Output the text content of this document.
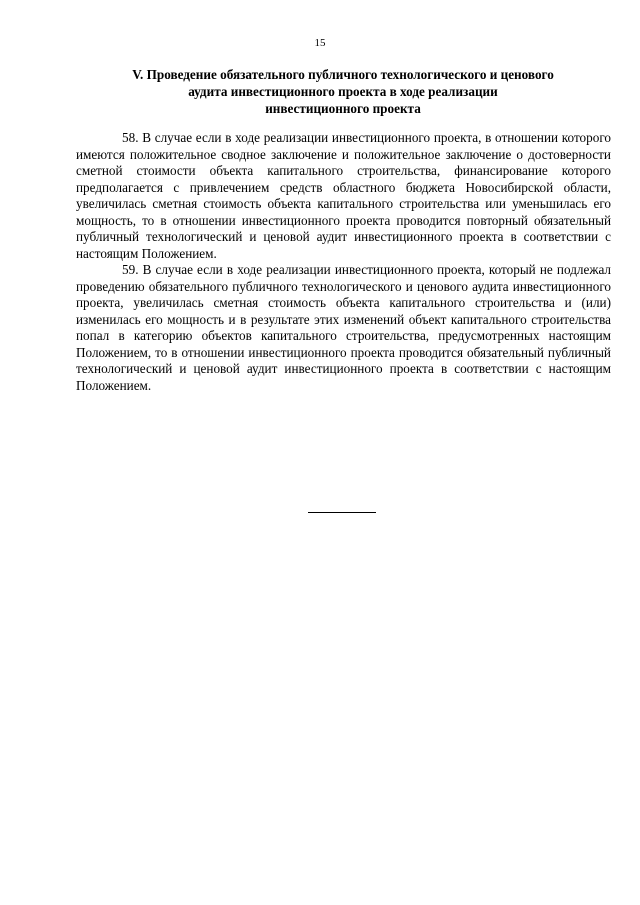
15
V. Проведение обязательного публичного технологического и ценового
аудита инвестиционного проекта в ходе реализации
инвестиционного проекта

58. В случае если в ходе реализации инвестиционного проекта, в отношении которого имеются положительное сводное заключение и положительное заключение о достоверности сметной стоимости объекта капитального строительства, финансирование которого предполагается с привлечением средств областного бюджета Новосибирской области, увеличилась сметная стоимость объекта капитального строительства или уменьшилась его мощность, то в отношении инвестиционного проекта проводится повторный обязательный публичный технологический и ценовой аудит инвестиционного проекта в соответствии с настоящим Положением.

59. В случае если в ходе реализации инвестиционного проекта, который не подлежал проведению обязательного публичного технологического и ценового аудита инвестиционного проекта, увеличилась сметная стоимость объекта капитального строительства и (или) изменилась его мощность и в результате этих изменений объект капитального строительства попал в категорию объектов капитального строительства, предусмотренных настоящим Положением, то в отношении инвестиционного проекта проводится обязательный публичный технологический и ценовой аудит инвестиционного проекта в соответствии с настоящим Положением.
